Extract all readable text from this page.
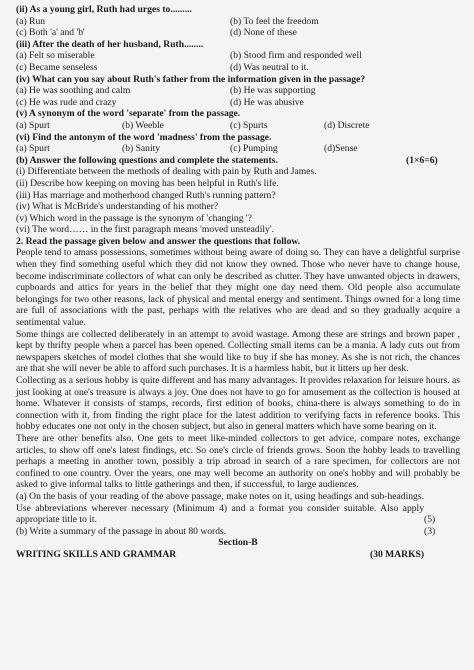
(ii) As a young girl, Ruth had urges to.........
(a) Run	(b) To feel the freedom
(c) Both 'a' and 'b'	(d) None of these
(iii) After the death of her husband, Ruth........
(a) Felt so miserable	(b) Stood firm and responded well
(c) Became senseless	(d) Was neutral to it.
(iv) What can you say about Ruth's father from the information given in the passage?
(a) He was soothing and calm	(b) He was supporting
(c) He was rude and crazy	(d) He was abusive
(v) A synonym of the word 'separate' from the passage.
(a) Spurt	(b) Weeble	(c) Spurts	(d) Discrete
(vi) Find the antonym of the word 'madness' from the passage.
(a) Spurt	(b) Sanity	(c) Pumping	(d)Sense
(b) Answer the following questions and complete the statements.	(1×6=6)
(i) Differentiate between the methods of dealing with pain by Ruth and James.
(ii) Describe how keeping on moving has been helpful in Ruth's life.
(iii) Has marriage and motherhood changed Ruth's running pattern?
(iv) What is McBride's understanding of his mother?
(v) Which word in the passage is the synonym of 'changing '?
(vi) The word…… in the first paragraph means 'moved unsteadily'.
2. Read the passage given below and answer the questions that follow.
People tend to amass possessions, sometimes without being aware of doing so. They can have a delightful surprise when they find something useful which they did not know they owned. Those who never have to change house, become indiscriminate collectors of what can only be described as clutter. They have unwanted objects in drawers, cupboards and attics for years in the belief that they might one day need them. Old people also accumulate belongings for two other reasons, lack of physical and mental energy and sentiment. Things owned for a long time are full of associations with the past, perhaps with the relatives who are dead and so they gradually acquire a sentimental value.
Some things are collected deliberately in an attempt to avoid wastage. Among these are strings and brown paper , kept by thrifty people when a parcel has been opened. Collecting small items can be a mania. A lady cuts out from newspapers sketches of model clothes that she would like to buy if she has money. As she is not rich, the chances are that she will never be able to afford such purchases. It is a harmless habit, but it litters up her desk.
Collecting as a serious hobby is quite different and has many advantages. It provides relaxation for leisure hours. as just looking at one's treasure is always a joy. One does not have to go for amusement as the collection is housed at home. Whatever it consists of stamps, records, first edition of books, china-there is always something to do in connection with it, from finding the right place for the latest addition to verifying facts in reference books. This hobby educates one not only in the chosen subject, but also in general matters which have some bearing on it.
There are other benefits also. One gets to meet like-minded collectors to get advice, compare notes, exchange articles, to show off one's latest findings, etc. So one's circle of friends grows. Soon the hobby leads to travelling perhaps a meeting in another town, possibly a trip abroad in search of a rare specimen, for collectors are not confined to one country. Over the years, one may well become an authority on one's hobby and will probably be asked to give informal talks to little gatherings and then, if successful, to large audiences.
(a) On the basis of your reading of the above passage, make notes on it, using headings and sub-headings. Use abbreviations wherever necessary (Minimum 4) and a format you consider suitable. Also apply appropriate title to it.	(5)
(b) Write a summary of the passage in about 80 words.	(3)
Section-B
WRITING SKILLS AND GRAMMAR	(30 MARKS)
